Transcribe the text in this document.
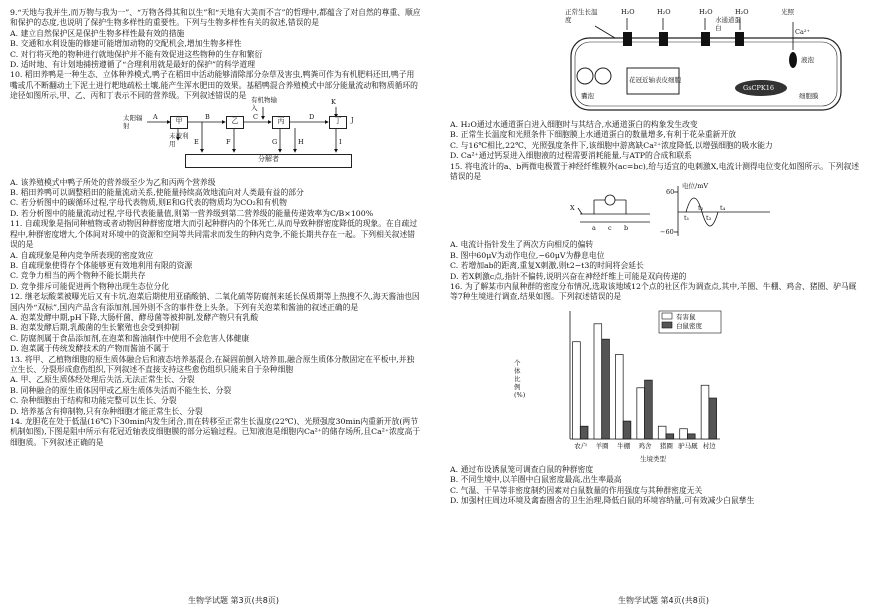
9.“天地与我并生,而万物与我为一”、“万物各得其和以生”和“天地有大美而不言”的哲理中,都蕴含了对自然的尊重、顺应和保护的态度,也说明了保护生物多样性的重要性。下列与生物多样性有关的叙述,错误的是

A. 建立自然保护区是保护生物多样性最有效的措施

B. 交通和水利设施的修建可能增加动物的交配机会,增加生物多样性

C. 对行将灭绝的物种进行就地保护并不能有效促进这些物种的生存和繁衍

D. 适时地、有计划地捕捞遵循了“合理利用就是最好的保护”的科学道理

10. 稻田养鸭是一种生态、立体种养模式,鸭子在稻田中活动能够清除部分杂草及害虫,鸭粪可作为有机肥料还田,鸭子用嘴或爪不断翻动土下泥土进行耙地疏松土壤,能产生浑水肥田的效果。基稻鸭混合养殖模式中部分能量流动和物质循环的途径如图所示,甲、乙、丙和丁表示不同的营养级。下列叙述错误的是

太阳辐射
A	甲	B	乙
有机物输入
C	丙
K
丁
D
未被利用	E	F	G	H	I
J
分解者

A. 该养殖模式中鸭子所处的营养级至少为乙和丙两个营养级

B. 稻田养鸭可以调整稻田的能量流动关系,使能量持续高效地流向对人类最有益的部分

C. 若分析图中的碳循环过程,字母代表物质,则E和G代表的物质均为CO₂和有机物

D. 若分析图中的能量流动过程,字母代表能量值,则第一营养级到第二营养级的能量传递效率为C/B×100%

11. 自疏现象是指同种植物或者动物因种群密度增大而引起种群内的个体死亡,从而导致种群密度降低的现象。在自疏过程中,种群密度增大,个体间对环境中的资源和空间等共同需求而发生的种内竞争,不能长期共存在一起。下列相关叙述错误的是

A. 自疏现象是种内竞争所表现的密度效应

B. 自疏现象使得存个体能够更有效地利用有限的资源

C. 竞争力相当的两个物种不能长期共存

D. 竞争排斥可能促进两个物种出现生态位分化

12. 继老坛酸菜被曝光后又有卡坑,泡菜后期使用亚硝酸钠、二氧化硫等防腐剂来延长保质期等上热搜不久,海天酱油也因国内外“双标”,国内产品含有添加剂,国外则不含的事件登上头条。下列有关泡菜和酱油的叙述正确的是

A. 泡菜发酵中期,pH下降,大肠杆菌、酵母菌等被抑制,发酵产物只有乳酸

B. 泡菜发酵后期,乳酸菌的生长繁殖也会受到抑制

C. 防腐剂属于食品添加剂,在泡菜和酱油制作中使用不会危害人体健康

D. 泡菜属于传统发酵技术的产物而酱油不属于

13. 将甲、乙植物细胞的原生质体融合后和液态培养基混合,在凝固前倒入培养皿,融合原生质体分散固定在平板中,并独立生长、分裂形成愈伤组织,下列叙述不直接支持这些愈伤组织只能来自于杂种细胞

A. 甲、乙原生质体经处理后失活,无法正常生长、分裂

B. 同种融合的原生质体因甲或乙原生质体失活而不能生长、分裂

C. 杂种细胞由于结构和功能完整可以生长、分裂

D. 培养基含有抑制物,只有杂种细胞才能正常生长、分裂

14. 龙胆花在处于低温(16℃)下30min内发生闭合,而在转移至正常生长温度(22℃)、光照强度30min内重新开放(两节机制如图),下图是阻中所示有花冠近轴表皮细胞膜的部分运输过程。已知液泡是细胞内Ca²⁺的储存场所,且Ca²⁺浓度高于细胞质。下列叙述正确的是

生物学试题 第3页(共8页)
正常生长温度
H₂O	H₂O	H₂O
水通道蛋白
H₂O	光照
Ca²⁺
液泡
囊泡
GsCPK16
细胞膜
花冠近轴表皮细胞

A. H₂O通过水通道蛋白进入细胞时与其结合,水通道蛋白的构象发生改变

B. 正常生长温度和光照条件下细胞膜上水通道蛋白的数量增多,有利于花朵重新开放

C. 与16℃相比,22℃、光照强度条件下,该细胞中游离缺Ca²⁺浓度降低,以增强细胞的吸水能力

D. Ca²⁺通过钙泵进入细胞液的过程需要消耗能量,与ATP的合成和联系

15. 将电流计的a、b两微电极置于神经纤维膜外(ac=bc),给与适宜的电刺激X,电流计测得电位变化如图所示。下列叙述错误的是

X
a c b
电位/mV
60
−60
t₁
t₂
t₃
t₄

A. 电流计指针发生了两次方向相反的偏转

B. 图中60μV为动作电位,−60μV为静息电位

C. 若增加ab的距离,重复X刺激,则t2−t3的时间将会延长

D. 若X刺激c点,指针不偏转,说明兴奋在神经纤维上可能是双向传递的

16. 为了解某市内鼠种群的密度分布情况,选取该地域12个点的社区作为调查点,其中,羊圈、牛棚、鸡舍、猪圈、驴马厩等7种生境进行调查,结果如图。下列叙述错误的是

农户 羊圈 牛棚 鸡舍 猪圈 驴马厩 村边
有害鼠
白鼠密度
个体比例(%)
生境类型

A. 通过布设诱鼠笼可调查白鼠的种群密度

B. 不同生境中,以羊圈中白鼠密度最高,出生率最高

C. 气温、干旱等非密度制约因素对白鼠数量的作用强度与其种群密度无关

D. 加强村庄周边环境及禽畜圈舍的卫生治理,降低白鼠的环境容纳量,可有效减少白鼠孳生

生物学试题 第4页(共8页)
